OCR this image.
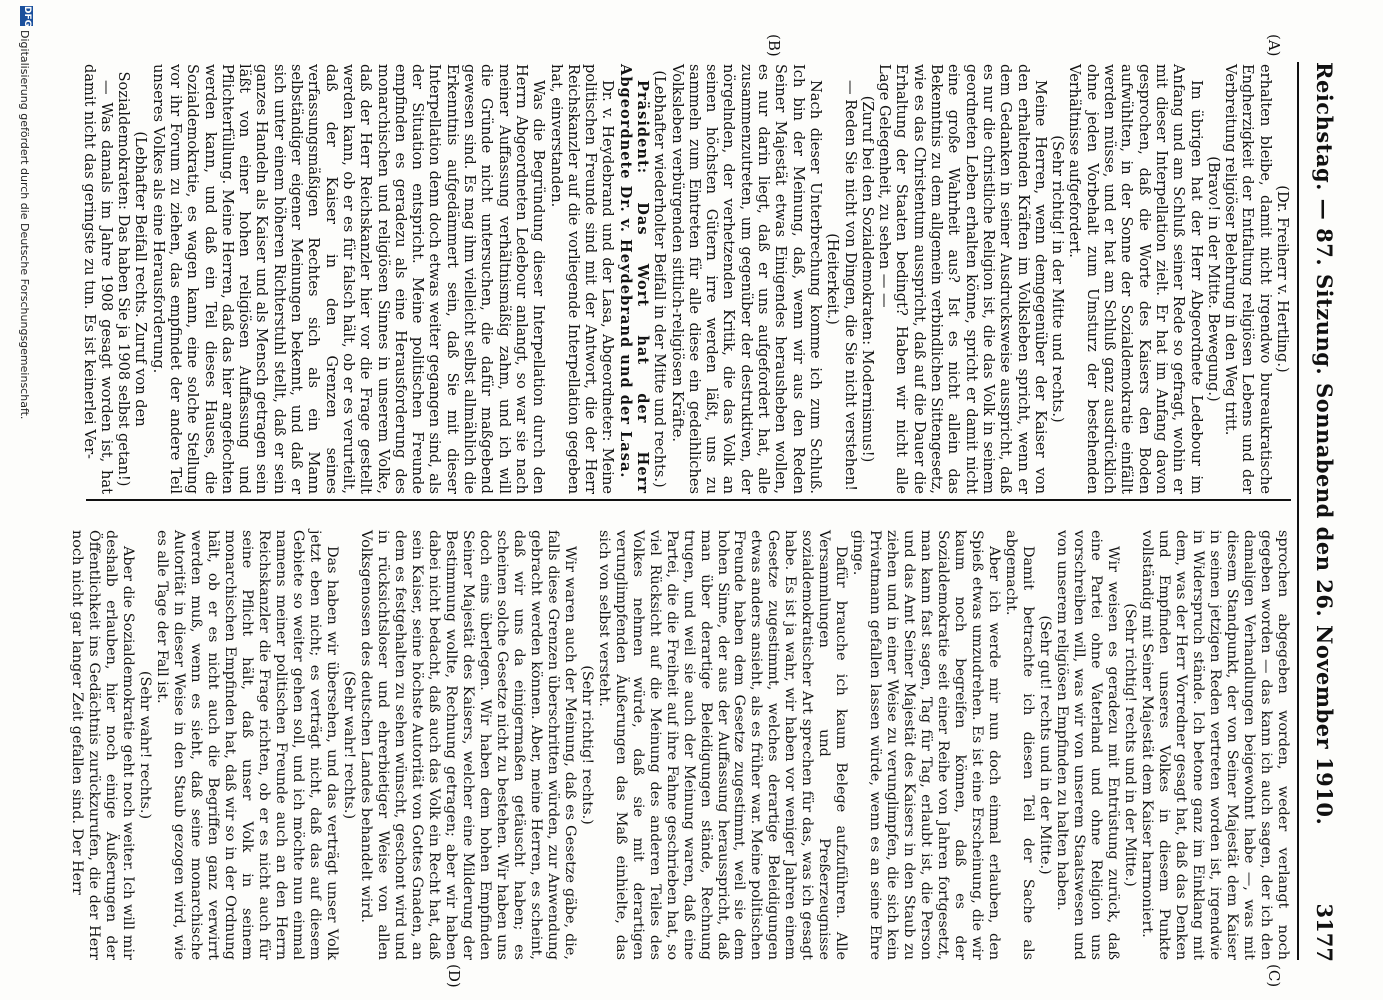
Reichstag. — 87. Sitzung. Sonnabend den 26. November 1910.
3177
(A)
(B)
(C)
(D)

(Dr. Freiherr v. Hertling.)

erhalten bleibe, damit nicht irgendwo bureaukratische Engherzigkeit der Entfaltung religiösen Lebens und der Verbreitung religiöser Belehrung in den Weg tritt.

(Bravo! in der Mitte. Bewegung.)

Im übrigen hat der Herr Abgeordnete Ledebour im Anfang und am Schluß seiner Rede so gefragt, wohin er mit dieser Interpellation zielt. Er hat im Anfang davon gesprochen, daß die Worte des Kaisers den Boden aufwühlten, in der Sonne der Sozialdemokratie einfällt werden müsse, und er hat am Schluß ganz ausdrücklich ohne jeden Vorbehalt zum Umsturz der bestehenden Verhältnisse aufgefordert.

(Sehr richtig! in der Mitte und rechts.)

Meine Herren, wenn demgegenüber der Kaiser von den erhaltenden Kräften im Volksleben spricht, wenn er dem Gedanken in seiner Ausdrucksweise ausspricht, daß es nur die christliche Religion ist, die das Volk in seinem geordneten Leben erhalten könne, spricht er damit nicht eine große Wahrheit aus? Ist es nicht allein das Bekenntnis zu dem allgemein verbindlichen Sittengesetz, wie es das Christentum ausspricht, daß auf die Dauer die Erhaltung der Staaten bedingt? Haben wir nicht alle Lage Gelegenheit, zu sehen — —

(Zuruf bei den Sozialdemokraten: Modernismus!)

— Reden Sie nicht von Dingen, die Sie nicht verstehen!

(Heiterkeit.)

Nach dieser Unterbrechung komme ich zum Schluß. Ich bin der Meinung, daß, wenn wir aus den Reden Seiner Majestät etwas Einigendes herausheben wollen, es nur darin liegt, daß er uns aufgefordert hat, alle zusammenzutreten, um gegenüber der destruktiven, der nörgelnden, der verhetzenden Kritik, die das Volk an seinen höchsten Gütern irre werden läßt, uns zu sammeln zum Eintreten für alle diese ein gedeihliches Volksleben verbürgenden sittlich-religiösen Kräfte.

(Lebhafter wiederholter Beifall in der Mitte und rechts.)

Präsident: Das Wort hat der Herr Abgeordnete Dr. v. Heydebrand und der Lasa.

Dr. v. Heydebrand und der Lasa, Abgeordneter: Meine politischen Freunde sind mit der Antwort, die der Herr Reichskanzler auf die vorliegende Interpellation gegeben hat, einverstanden.

Was die Begründung dieser Interpellation durch den Herrn Abgeordneten Ledebour anlangt, so war sie nach meiner Auffassung verhältnismäßig zahm, und ich will die Gründe nicht untersuchen, die dafür maßgebend gewesen sind. Es mag ihm vielleicht selbst allmählich die Erkenntnis aufgedämmert sein, daß Sie mit dieser Interpellation denn doch etwas weiter gegangen sind, als der Situation entspricht. Meine politischen Freunde empfinden es geradezu als eine Herausforderung des monarchischen und religiösen Sinnes in unserem Volke, daß der Herr Reichskanzler hier vor die Frage gestellt werden kann, ob er es für falsch hält, ob er es verurteilt, daß der Kaiser in den Grenzen seines verfassungsmäßigen Rechtes sich als ein Mann selbständiger eigener Meinungen bekennt, und daß er sich unter einem höheren Richterstuhl stellt, daß er sein ganzes Handeln als Kaiser und als Mensch getragen sein läßt von einer hohen religiösen Auffassung und Pflichterfüllung. Meine Herren, daß das hier angefochten werden kann, und daß ein Teil dieses Hauses, die Sozialdemokratie, es wagen kann, eine solche Stellung vor ihr Forum zu ziehen, das empfindet der andere Teil unseres Volkes als eine Herausforderung.

(Lebhafter Beifall rechts. Zuruf von den Sozialdemokraten: Das haben Sie ja 1908 selbst getan!)

— Was damals im Jahre 1908 gesagt worden ist, hat damit nicht das geringste zu tun. Es ist keinerlei Ver-

sprochen abgegeben worden, weder verlangt noch gegeben worden — das kann ich auch sagen, der ich den damaligen Verhandlungen beigewohnt habe —, was mit diesem Standpunkt, der von Seiner Majestät dem Kaiser in seinen jetzigen Reden vertreten worden ist, irgendwie in Widerspruch stände. Ich betone ganz im Einklang mit dem, was der Herr Vorredner gesagt hat, daß das Denken und Empfinden unseres Volkes in diesem Punkte vollständig mit Seiner Majestät dem Kaiser harmoniert.

(Sehr richtig! rechts und in der Mitte.)

Wir weisen es geradezu mit Entrüstung zurück, daß eine Partei ohne Vaterland und ohne Religion uns vorschreiben will, was wir von unserem Staatswesen und von unserem religiösen Empfinden zu halten haben.

(Sehr gut! rechts und in der Mitte.)

Damit betrachte ich diesen Teil der Sache als abgemacht.

Aber ich werde mir nun doch einmal erlauben, den Spieß etwas umzudrehen. Es ist eine Erscheinung, die wir kaum noch begreifen können, daß es der Sozialdemokratie seit einer Reihe von Jahren fortgesetzt, man kann fast sagen, Tag für Tag, erlaubt ist, die Person und das Amt Seiner Majestät des Kaisers in den Staub zu ziehen und in einer Weise zu verunglimpfen, die sich kein Privatmann gefallen lassen würde, wenn es an seine Ehre ginge.

Dafür brauche ich kaum Belege aufzuführen. Alle Versammlungen und Preßerzeugnisse sozialdemokratischer Art sprechen für das, was ich gesagt habe. Es ist ja wahr, wir haben vor weniger Jahren einem Gesetze zugestimmt, welches derartige Beleidigungen etwas anders ansieht, als es früher war. Meine politischen Freunde haben dem Gesetze zugestimmt, weil sie dem hohen Sinne, der aus der Auffassung herausspricht, daß man über derartige Beleidigungen stände, Rechnung trugen, und weil sie auch der Meinung waren, daß eine Partei, die die Freiheit auf ihre Fahne geschrieben hat, so viel Rücksicht auf die Meinung des anderen Teiles des Volkes nehmen würde, daß sie mit derartigen verunglimpfenden Äußerungen das Maß einhielte, das sich von selbst versteht.

(Sehr richtig! rechts.)

Wir waren auch der Meinung, daß es Gesetze gäbe, die, falls diese Grenzen überschritten würden, zur Anwendung gebracht werden können. Aber, meine Herren, es scheint, daß wir uns da einigermaßen getäuscht haben; es scheinen solche Gesetze nicht zu bestehen. Wir haben uns doch eins überlegen. Wir haben dem hohen Empfinden Seiner Majestät des Kaisers, welcher eine Milderung der Bestimmung wollte, Rechnung getragen; aber wir haben dabei nicht bedacht, daß auch das Volk ein Recht hat, daß sein Kaiser, seine höchste Autorität von Gottes Gnaden, an dem es festgehalten zu sehen wünscht, geschont wird und in rücksichtsloser und ehrerbietiger Weise von allen Volksgenossen des deutschen Landes behandelt wird.

(Sehr wahr! rechts.)

Das haben wir übersehen, und das verträgt unser Volk jetzt eben nicht; es verträgt nicht, daß das auf diesem Gebiete so weiter gehen soll, und ich möchte nun einmal namens meiner politischen Freunde auch an den Herrn Reichskanzler die Frage richten, ob er es nicht auch für seine Pflicht hält, daß unser Volk in seinem monarchischen Empfinden hat, daß wir so in der Ordnung hält, ob er es nicht auch die Begriffen ganz verwirrt werden muß, wenn es sieht, daß seine monarchische Autorität in dieser Weise in den Staub gezogen wird, wie es alle Tage der Fall ist.

(Sehr wahr! rechts.)

Aber die Sozialdemokratie geht noch weiter. Ich will mir deshalb erlauben, hier noch einige Äußerungen der Öffentlichkeit ins Gedächtnis zurückzurufen, die der Herr noch nicht gar langer Zeit gefallen sind. Der Herr

DFG
Digitalisierung gefördert durch die Deutsche Forschungsgemeinschaft.
